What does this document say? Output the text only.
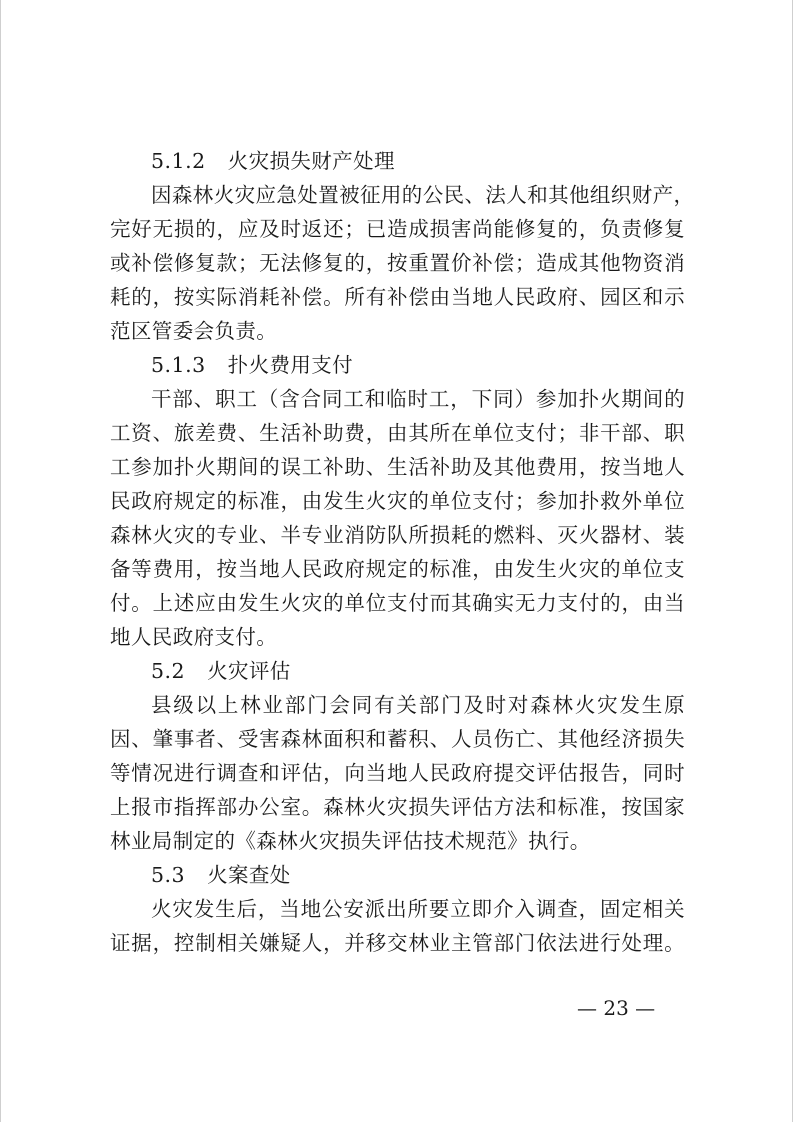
5.1.2 火灾损失财产处理
因森林火灾应急处置被征用的公民、法人和其他组织财产，
完好无损的，应及时返还；已造成损害尚能修复的，负责修复
或补偿修复款；无法修复的，按重置价补偿；造成其他物资消
耗的，按实际消耗补偿。所有补偿由当地人民政府、园区和示
范区管委会负责。
5.1.3 扑火费用支付
干部、职工（含合同工和临时工，下同）参加扑火期间的
工资、旅差费、生活补助费，由其所在单位支付；非干部、职
工参加扑火期间的误工补助、生活补助及其他费用，按当地人
民政府规定的标准，由发生火灾的单位支付；参加扑救外单位
森林火灾的专业、半专业消防队所损耗的燃料、灭火器材、装
备等费用，按当地人民政府规定的标准，由发生火灾的单位支
付。上述应由发生火灾的单位支付而其确实无力支付的，由当
地人民政府支付。
5.2 火灾评估
县级以上林业部门会同有关部门及时对森林火灾发生原
因、肇事者、受害森林面积和蓄积、人员伤亡、其他经济损失
等情况进行调查和评估，向当地人民政府提交评估报告，同时
上报市指挥部办公室。森林火灾损失评估方法和标准，按国家
林业局制定的《森林火灾损失评估技术规范》执行。
5.3 火案查处
火灾发生后，当地公安派出所要立即介入调查，固定相关
证据，控制相关嫌疑人，并移交林业主管部门依法进行处理。
— 23 —
